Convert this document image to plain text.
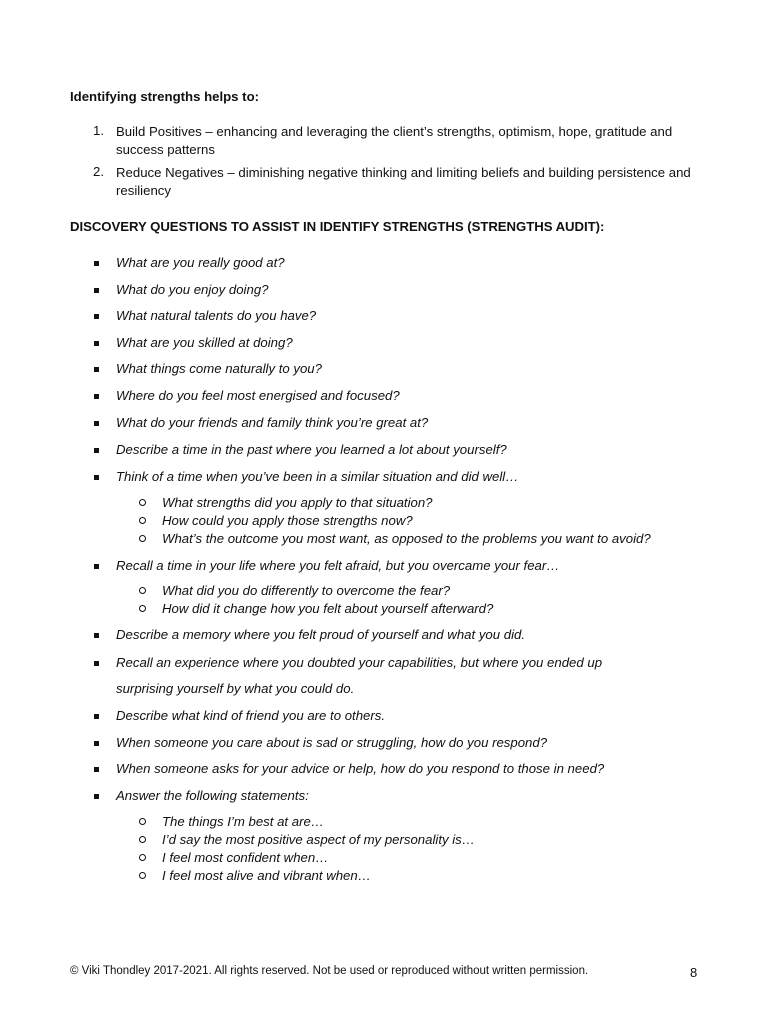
Identifying strengths helps to:

1. Build Positives – enhancing and leveraging the client’s strengths, optimism, hope, gratitude and success patterns
2. Reduce Negatives – diminishing negative thinking and limiting beliefs and building persistence and resiliency

DISCOVERY QUESTIONS TO ASSIST IN IDENTIFY STRENGTHS (STRENGTHS AUDIT):

What are you really good at?
What do you enjoy doing?
What natural talents do you have?
What are you skilled at doing?
What things come naturally to you?
Where do you feel most energised and focused?
What do your friends and family think you’re great at?
Describe a time in the past where you learned a lot about yourself?
Think of a time when you’ve been in a similar situation and did well…
What strengths did you apply to that situation?
How could you apply those strengths now?
What’s the outcome you most want, as opposed to the problems you want to avoid?
Recall a time in your life where you felt afraid, but you overcame your fear…
What did you do differently to overcome the fear?
How did it change how you felt about yourself afterward?
Describe a memory where you felt proud of yourself and what you did.
Recall an experience where you doubted your capabilities, but where you ended up
surprising yourself by what you could do.
Describe what kind of friend you are to others.
When someone you care about is sad or struggling, how do you respond?
When someone asks for your advice or help, how do you respond to those in need?
Answer the following statements:
The things I’m best at are…
I’d say the most positive aspect of my personality is…
I feel most confident when…
I feel most alive and vibrant when…
© Viki Thondley 2017-2021. All rights reserved. Not be used or reproduced without written permission.	8
